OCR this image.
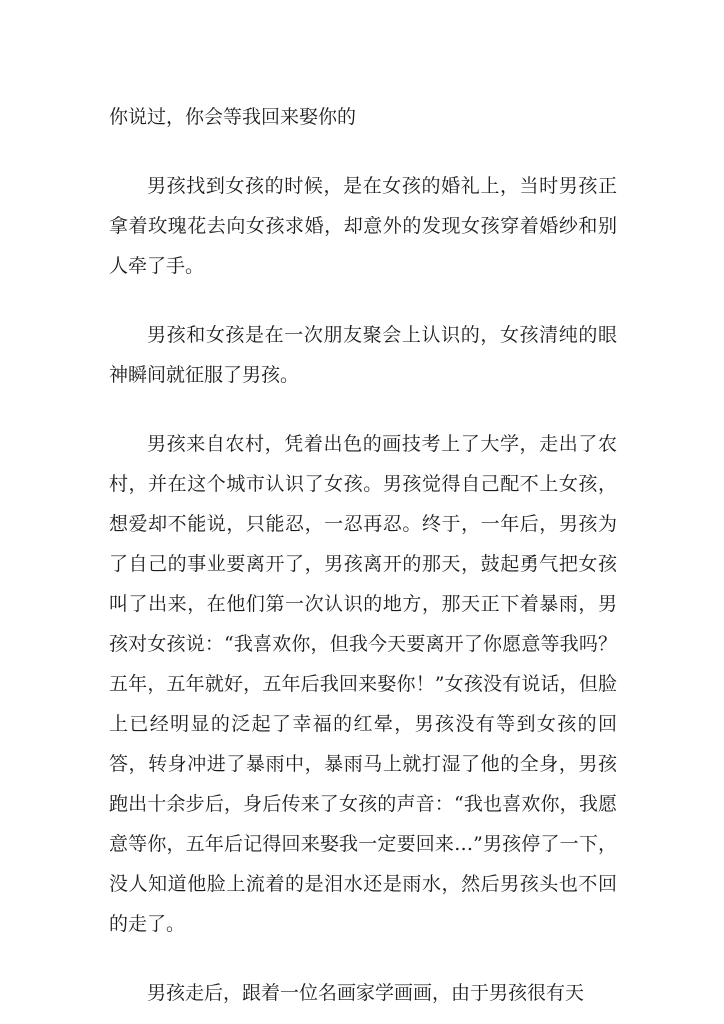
你说过，你会等我回来娶你的

男孩找到女孩的时候，是在女孩的婚礼上，当时男孩正拿着玫瑰花去向女孩求婚，却意外的发现女孩穿着婚纱和别人牵了手。

男孩和女孩是在一次朋友聚会上认识的，女孩清纯的眼神瞬间就征服了男孩。

男孩来自农村，凭着出色的画技考上了大学，走出了农村，并在这个城市认识了女孩。男孩觉得自己配不上女孩，想爱却不能说，只能忍，一忍再忍。终于，一年后，男孩为了自己的事业要离开了，男孩离开的那天，鼓起勇气把女孩叫了出来，在他们第一次认识的地方，那天正下着暴雨，男孩对女孩说：“我喜欢你，但我今天要离开了你愿意等我吗？五年，五年就好，五年后我回来娶你！”女孩没有说话，但脸上已经明显的泛起了幸福的红晕，男孩没有等到女孩的回答，转身冲进了暴雨中，暴雨马上就打湿了他的全身，男孩跑出十余步后，身后传来了女孩的声音：“我也喜欢你，我愿意等你，五年后记得回来娶我一定要回来…”男孩停了一下，没人知道他脸上流着的是泪水还是雨水，然后男孩头也不回的走了。

男孩走后，跟着一位名画家学画画，由于男孩很有天
